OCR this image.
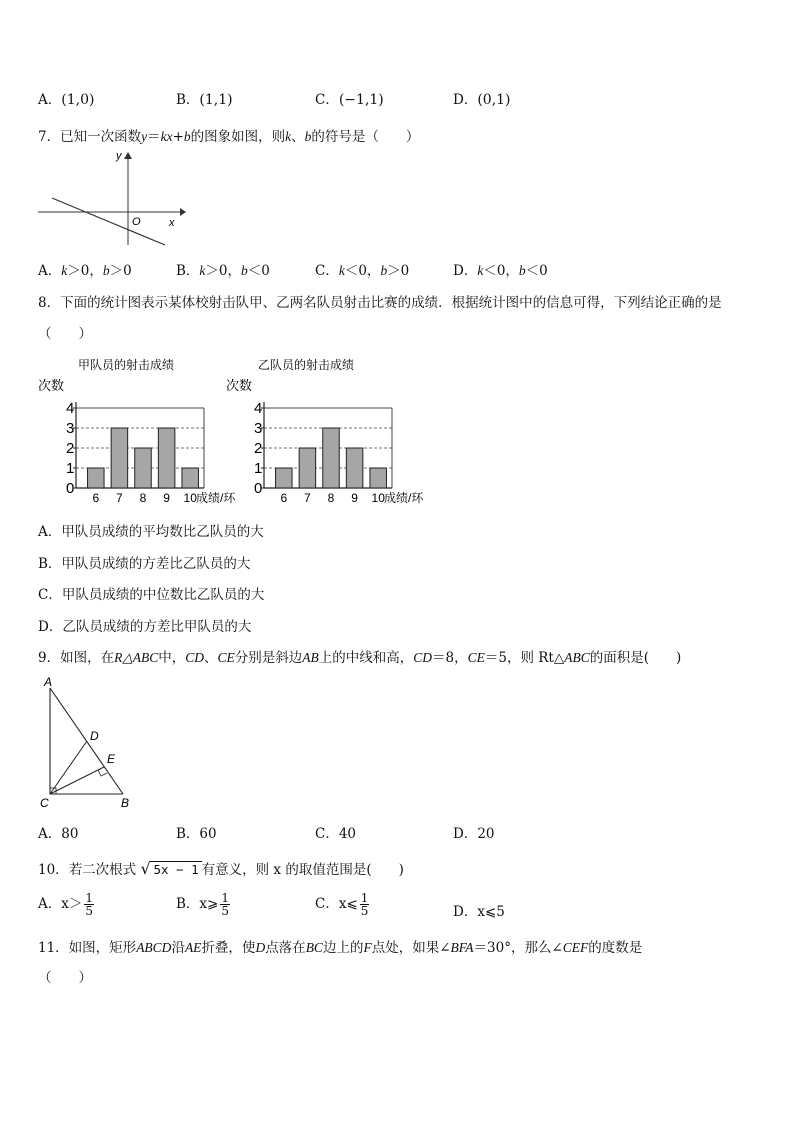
A．(1,0)	B．(1,1)	C．(−1,1)	D．(0,1)
7．已知一次函数y＝kx+b的图象如图，则k、b的符号是（　　）
y
x
O
A．k＞0，b＞0	B．k＞0，b＜0	C．k＜0，b＞0	D．k＜0，b＜0
8．下面的统计图表示某体校射击队甲、乙两名队员射击比赛的成绩．根据统计图中的信息可得，下列结论正确的是
（　　）
甲队员的射击成绩
次数
0
1
2
3
4
6 7 8 9 10 成绩/环
乙队员的射击成绩
次数
0
1
2
3
4
6 7 8 9 10 成绩/环
A．甲队员成绩的平均数比乙队员的大
B．甲队员成绩的方差比乙队员的大
C．甲队员成绩的中位数比乙队员的大
D．乙队员成绩的方差比甲队员的大
9．如图，在R△ABC中，CD、CE分别是斜边AB上的中线和高，CD＝8，CE＝5，则 Rt△ABC的面积是(　　)
A
D
E
C	B
A．80	B．60	C．40	D．20
10．若二次根式 √ 5x − 1 有意义，则 x 的取值范围是(　　)
A．$x> \frac{1}{5}$	B．x⩾ $\frac{1}{5}$	C．x⩽ $\frac{1}{5}$	D．x⩽5
11．如图，矩形ABCD沿AE折叠，使D点落在BC边上的F点处，如果∠BFA＝30°，那么∠CEF的度数是
（　　）
